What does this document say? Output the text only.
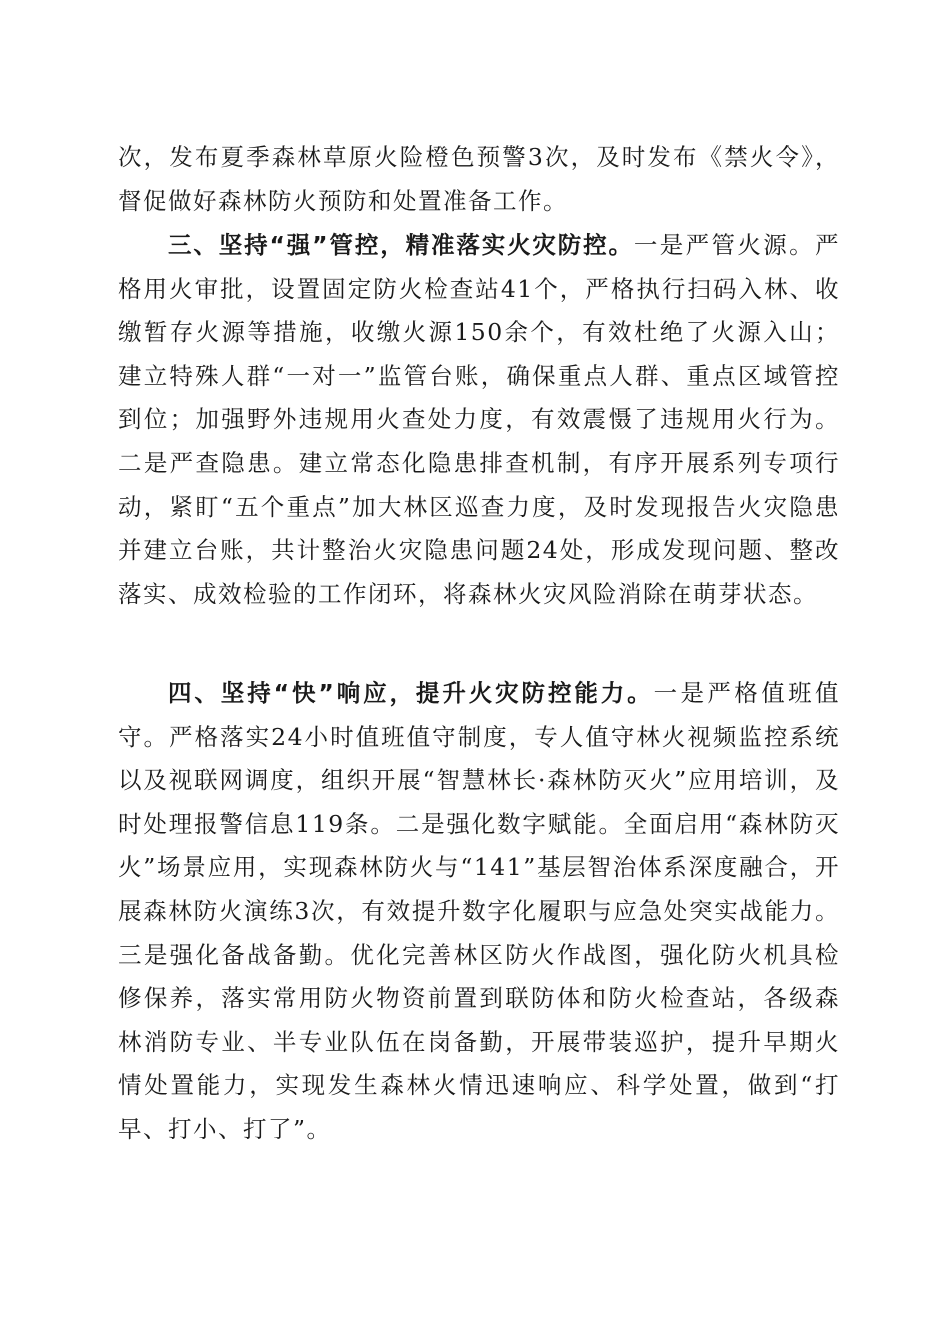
次，发布夏季森林草原火险橙色预警3次，及时发布《禁火令》，督促做好森林防火预防和处置准备工作。
三、坚持“强”管控，精准落实火灾防控。一是严管火源。严格用火审批，设置固定防火检查站41个，严格执行扫码入林、收缴暂存火源等措施，收缴火源150余个，有效杜绝了火源入山；建立特殊人群“一对一”监管台账，确保重点人群、重点区域管控到位；加强野外违规用火查处力度，有效震慑了违规用火行为。二是严查隐患。建立常态化隐患排查机制，有序开展系列专项行动，紧盯“五个重点”加大林区巡查力度，及时发现报告火灾隐患并建立台账，共计整治火灾隐患问题24处，形成发现问题、整改落实、成效检验的工作闭环，将森林火灾风险消除在萌芽状态。
四、坚持“快”响应，提升火灾防控能力。一是严格值班值守。严格落实24小时值班值守制度，专人值守林火视频监控系统以及视联网调度，组织开展“智慧林长·森林防灭火”应用培训，及时处理报警信息119条。二是强化数字赋能。全面启用“森林防灭火”场景应用，实现森林防火与“141”基层智治体系深度融合，开展森林防火演练3次，有效提升数字化履职与应急处突实战能力。三是强化备战备勤。优化完善林区防火作战图，强化防火机具检修保养，落实常用防火物资前置到联防体和防火检查站，各级森林消防专业、半专业队伍在岗备勤，开展带装巡护，提升早期火情处置能力，实现发生森林火情迅速响应、科学处置，做到“打早、打小、打了”。
